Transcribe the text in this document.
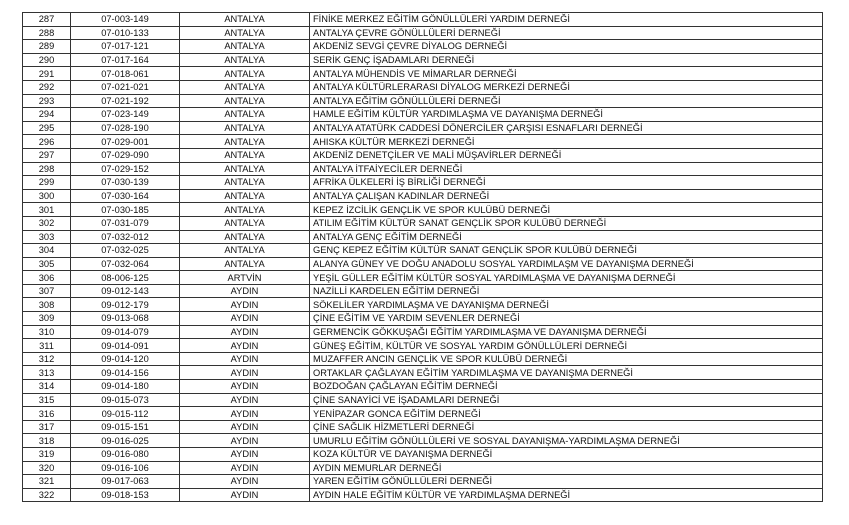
287	07-003-149	ANTALYA	FİNİKE MERKEZ EĞİTİM GÖNÜLLÜLERİ YARDIM DERNEĞİ
288	07-010-133	ANTALYA	ANTALYA ÇEVRE GÖNÜLLÜLERİ DERNEĞİ
289	07-017-121	ANTALYA	AKDENİZ SEVGİ ÇEVRE DİYALOG DERNEĞİ
290	07-017-164	ANTALYA	SERİK GENÇ İŞADAMLARI DERNEĞİ
291	07-018-061	ANTALYA	ANTALYA MÜHENDİS VE MİMARLAR DERNEĞİ
292	07-021-021	ANTALYA	ANTALYA KÜLTÜRLERARASI DİYALOG MERKEZİ DERNEĞİ
293	07-021-192	ANTALYA	ANTALYA EĞİTİM GÖNÜLLÜLERİ DERNEĞİ
294	07-023-149	ANTALYA	HAMLE EĞİTİM KÜLTÜR YARDIMLAŞMA VE DAYANIŞMA DERNEĞİ
295	07-028-190	ANTALYA	ANTALYA ATATÜRK CADDESİ DÖNERCİLER ÇARŞISI ESNAFLARI DERNEĞİ
296	07-029-001	ANTALYA	AHISKA KÜLTÜR MERKEZİ DERNEĞİ
297	07-029-090	ANTALYA	AKDENİZ DENETÇİLER VE MALİ MÜŞAVİRLER DERNEĞİ
298	07-029-152	ANTALYA	ANTALYA İTFAİYECİLER DERNEĞİ
299	07-030-139	ANTALYA	AFRİKA ÜLKELERİ İŞ BİRLİĞİ DERNEĞİ
300	07-030-164	ANTALYA	ANTALYA ÇALIŞAN KADINLAR DERNEĞİ
301	07-030-185	ANTALYA	KEPEZ İZCİLİK GENÇLİK VE SPOR KULÜBÜ DERNEĞİ
302	07-031-079	ANTALYA	ATILIM EĞİTİM KÜLTÜR SANAT GENÇLİK SPOR KULÜBÜ DERNEĞİ
303	07-032-012	ANTALYA	ANTALYA GENÇ EĞİTİM DERNEĞİ
304	07-032-025	ANTALYA	GENÇ KEPEZ EĞİTİM KÜLTÜR SANAT GENÇLİK SPOR KULÜBÜ DERNEĞİ
305	07-032-064	ANTALYA	ALANYA GÜNEY VE DOĞU ANADOLU SOSYAL YARDIMLAŞM VE DAYANIŞMA DERNEĞİ
306	08-006-125	ARTVİN	YEŞİL GÜLLER EĞİTİM KÜLTÜR SOSYAL YARDIMLAŞMA VE DAYANIŞMA DERNEĞİ
307	09-012-143	AYDIN	NAZİLLİ KARDELEN EĞİTİM DERNEĞİ
308	09-012-179	AYDIN	SÖKELİLER YARDIMLAŞMA VE DAYANIŞMA DERNEĞİ
309	09-013-068	AYDIN	ÇİNE EĞİTİM VE YARDIM SEVENLER DERNEĞİ
310	09-014-079	AYDIN	GERMENCİK GÖKKUŞAĞI EĞİTİM YARDIMLAŞMA VE DAYANIŞMA DERNEĞİ
311	09-014-091	AYDIN	GÜNEŞ EĞİTİM, KÜLTÜR VE SOSYAL YARDIM GÖNÜLLÜLERİ DERNEĞİ
312	09-014-120	AYDIN	MUZAFFER ANCIN GENÇLİK VE SPOR KULÜBÜ DERNEĞİ
313	09-014-156	AYDIN	ORTAKLAR ÇAĞLAYAN EĞİTİM YARDIMLAŞMA VE DAYANIŞMA DERNEĞİ
314	09-014-180	AYDIN	BOZDOĞAN ÇAĞLAYAN EĞİTİM DERNEĞİ
315	09-015-073	AYDIN	ÇİNE SANAYİCİ VE İŞADAMLARI DERNEĞİ
316	09-015-112	AYDIN	YENİPAZAR GONCA EĞİTİM DERNEĞİ
317	09-015-151	AYDIN	ÇİNE SAĞLIK HİZMETLERİ DERNEĞİ
318	09-016-025	AYDIN	UMURLU EĞİTİM GÖNÜLLÜLERİ VE SOSYAL DAYANIŞMA-YARDIMLAŞMA DERNEĞİ
319	09-016-080	AYDIN	KOZA KÜLTÜR VE DAYANIŞMA DERNEĞİ
320	09-016-106	AYDIN	AYDIN MEMURLAR DERNEĞİ
321	09-017-063	AYDIN	YAREN EĞİTİM GÖNÜLLÜLERİ DERNEĞİ
322	09-018-153	AYDIN	AYDIN HALE EĞİTİM KÜLTÜR VE YARDIMLAŞMA DERNEĞİ
